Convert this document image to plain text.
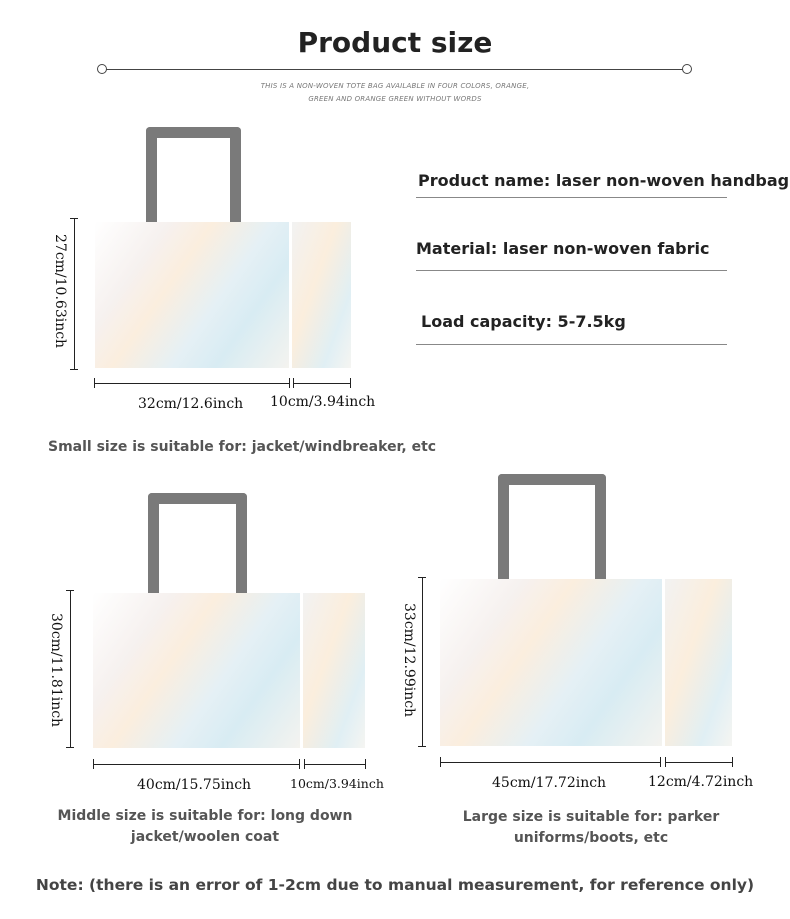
Product size
THIS IS A NON-WOVEN TOTE BAG AVAILABLE IN FOUR COLORS, ORANGE,
GREEN AND ORANGE GREEN WITHOUT WORDS
Product name: laser non-woven handbag
Material: laser non-woven fabric
Load capacity: 5-7.5kg
27cm/10.63inch
32cm/12.6inch 10cm/3.94inch
Small size is suitable for: jacket/windbreaker, etc
30cm/11.81inch
40cm/15.75inch	10cm/3.94inch
Middle size is suitable for: long down
jacket/woolen coat
33cm/12.99inch
45cm/17.72inch	12cm/4.72inch
Large size is suitable for: parker
uniforms/boots, etc
Note: (there is an error of 1-2cm due to manual measurement, for reference only)
